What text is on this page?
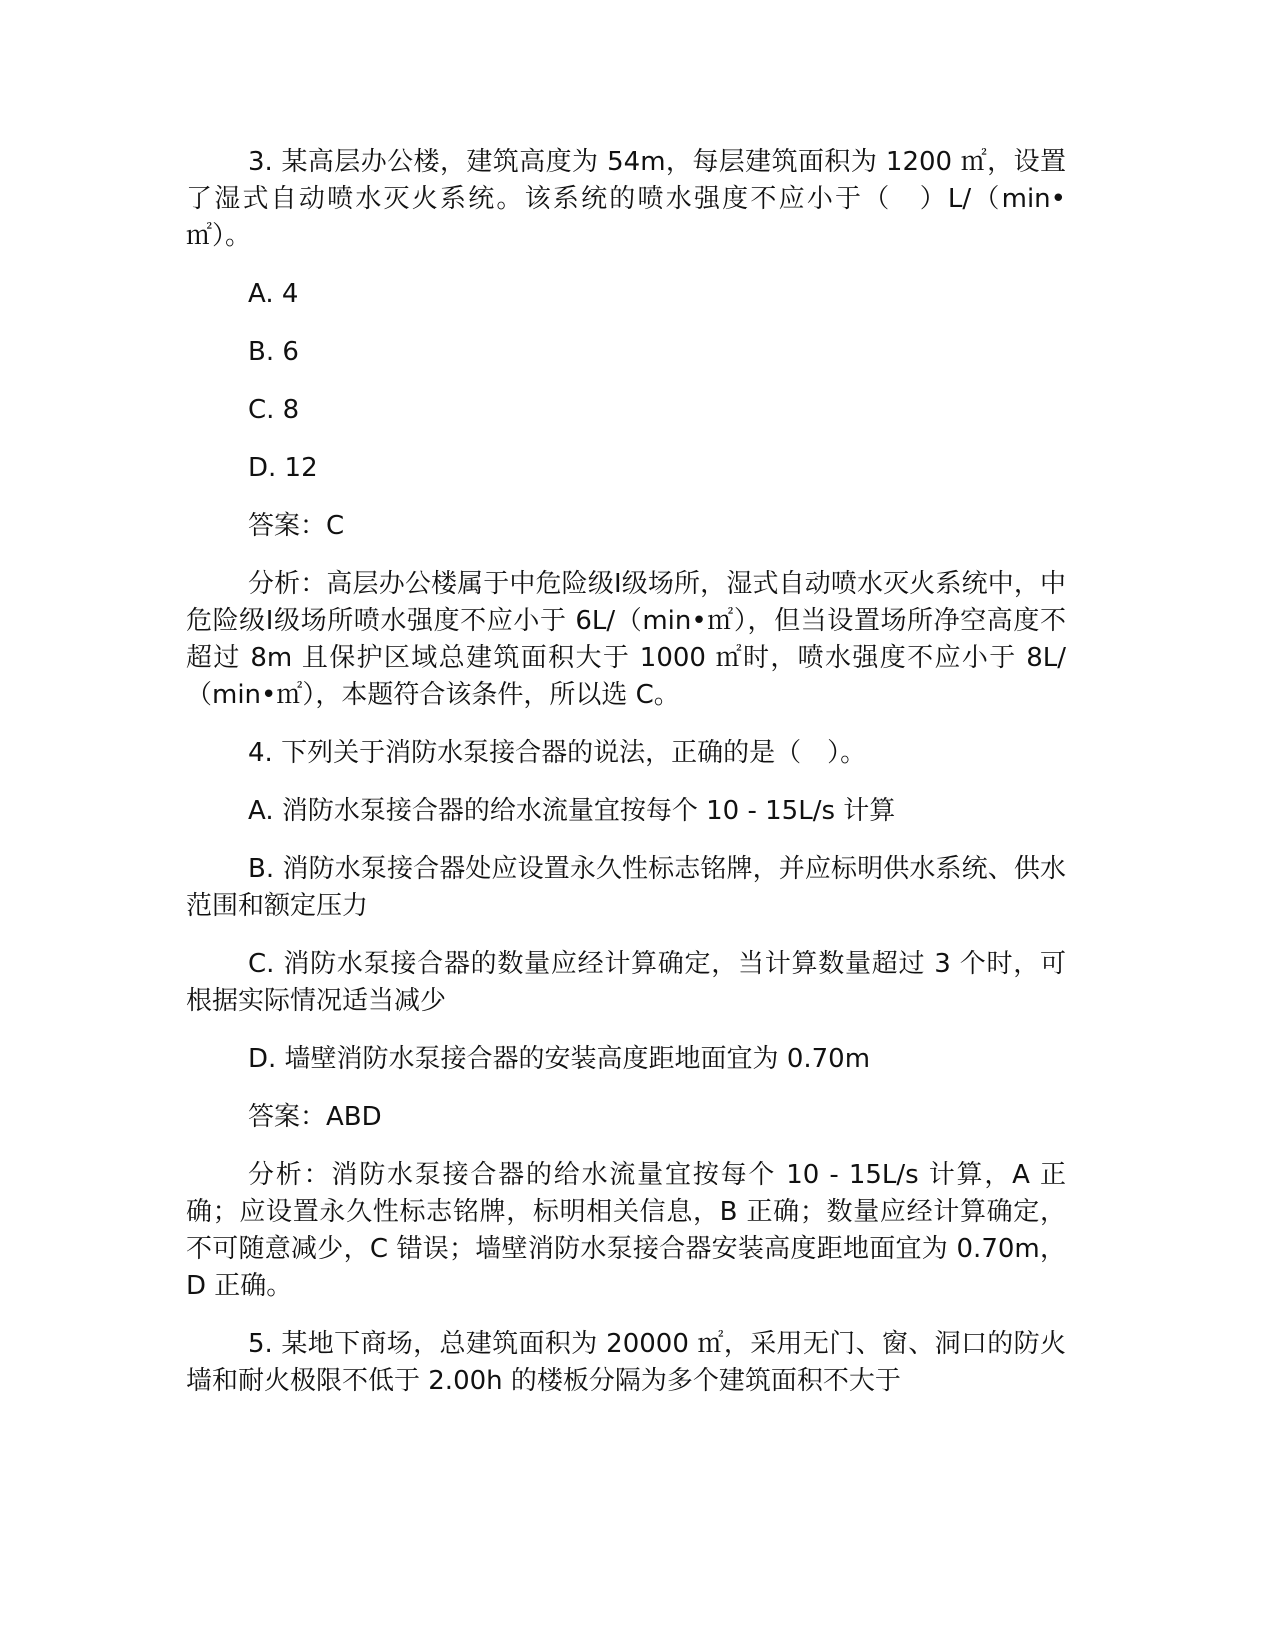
3. 某高层办公楼，建筑高度为 54m，每层建筑面积为 1200 ㎡，设置了湿式自动喷水灭火系统。该系统的喷水强度不应小于（　）L/（min•㎡）。

A. 4

B. 6

C. 8

D. 12

答案：C

分析：高层办公楼属于中危险级Ⅰ级场所，湿式自动喷水灭火系统中，中危险级Ⅰ级场所喷水强度不应小于 6L/（min•㎡），但当设置场所净空高度不超过 8m 且保护区域总建筑面积大于 1000 ㎡时，喷水强度不应小于 8L/（min•㎡），本题符合该条件，所以选 C。

4. 下列关于消防水泵接合器的说法，正确的是（　）。

A. 消防水泵接合器的给水流量宜按每个 10 - 15L/s 计算

B. 消防水泵接合器处应设置永久性标志铭牌，并应标明供水系统、供水范围和额定压力

C. 消防水泵接合器的数量应经计算确定，当计算数量超过 3 个时，可根据实际情况适当减少

D. 墙壁消防水泵接合器的安装高度距地面宜为 0.70m

答案：ABD

分析：消防水泵接合器的给水流量宜按每个 10 - 15L/s 计算，A 正确；应设置永久性标志铭牌，标明相关信息，B 正确；数量应经计算确定，不可随意减少，C 错误；墙壁消防水泵接合器安装高度距地面宜为 0.70m，D 正确。

5. 某地下商场，总建筑面积为 20000 ㎡，采用无门、窗、洞口的防火墙和耐火极限不低于 2.00h 的楼板分隔为多个建筑面积不大于
